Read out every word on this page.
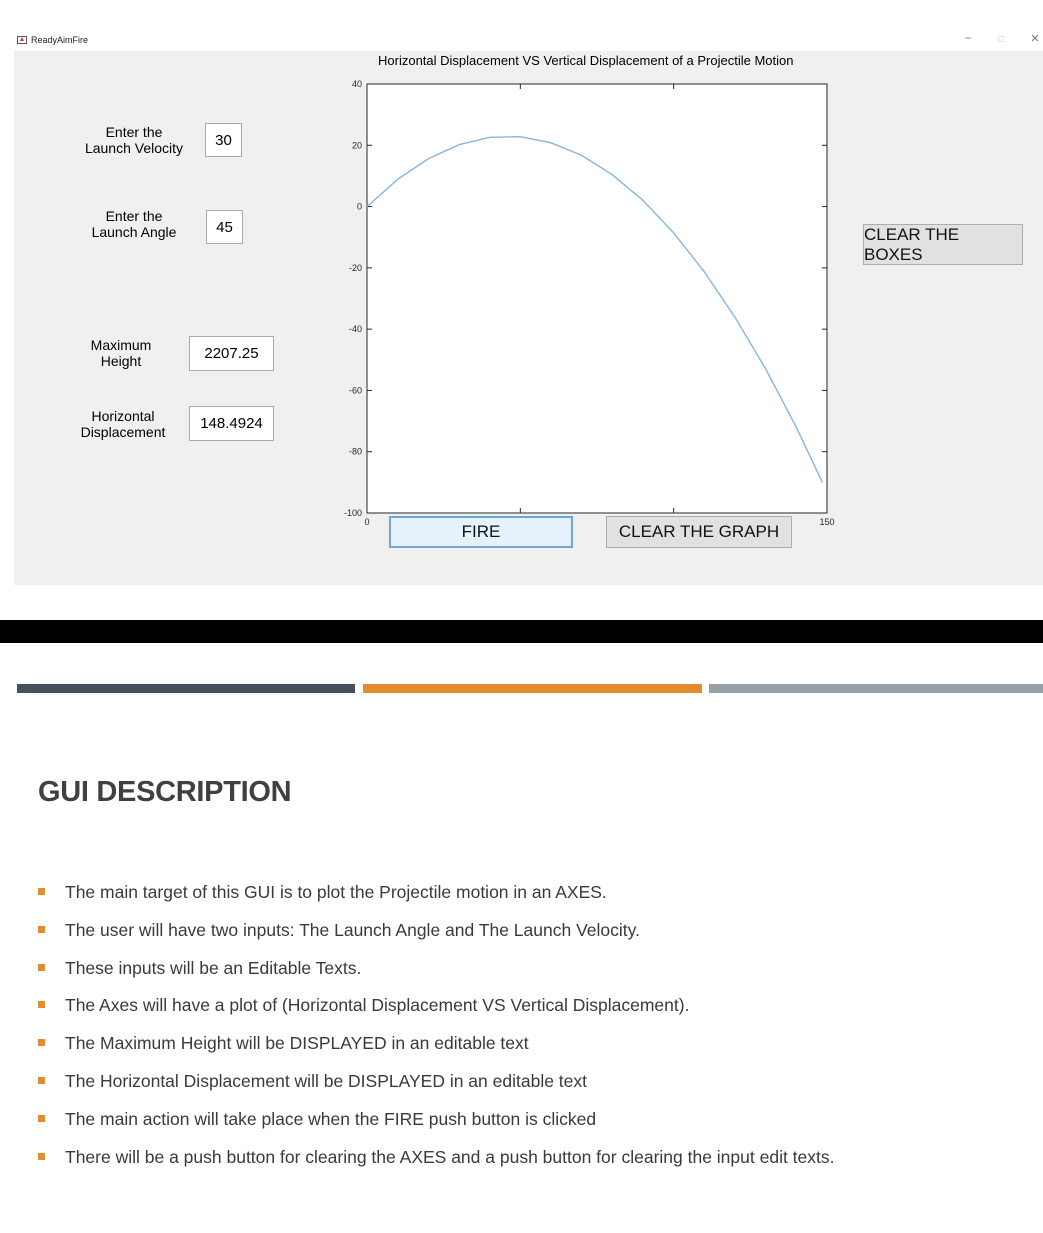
▲ ReadyAimFire	–	□	✕
Enter the
Launch Velocity	30
Enter the
Launch Angle	45
Maximum
Height	2207.25
Horizontal
Displacement	148.4924
Horizontal Displacement VS Vertical Displacement of a Projectile Motion
40
20
0
-20
-40
-60
-80
-100
0	150
FIRE	CLEAR THE GRAPH
CLEAR THE BOXES
GUI DESCRIPTION
The main target of this GUI is to plot the Projectile motion in an AXES.
The user will have two inputs: The Launch Angle and The Launch Velocity.
These inputs will be an Editable Texts.
The Axes will have a plot of (Horizontal Displacement VS Vertical Displacement).
The Maximum Height will be DISPLAYED in an editable text
The Horizontal Displacement will be DISPLAYED in an editable text
The main action will take place when the FIRE push button is clicked
There will be a push button for clearing the AXES and a push button for clearing the input edit texts.
